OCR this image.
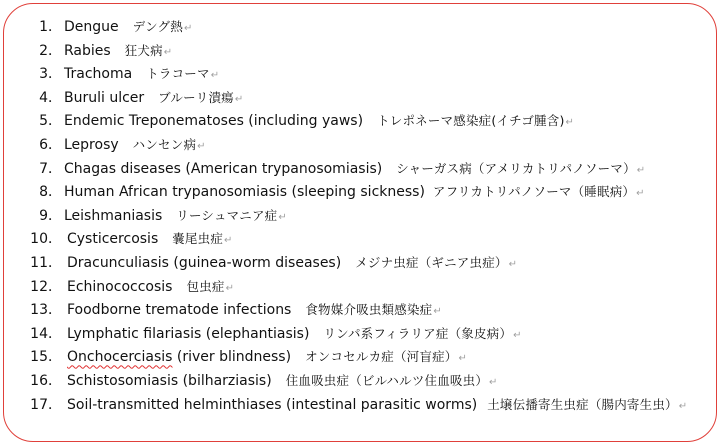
1． Dengue デング熱↵
2． Rabies 狂犬病↵
3． Trachoma トラコーマ↵
4． Buruli ulcer ブルーリ潰瘍↵
5． Endemic Treponematoses (including yaws) トレポネーマ感染症(イチゴ腫含)↵
6． Leprosy ハンセン病↵
7． Chagas diseases (American trypanosomiasis) シャーガス病（アメリカトリパノソーマ）↵
8． Human African trypanosomiasis (sleeping sickness) アフリカトリパノソーマ（睡眠病）↵
9． Leishmaniasis リーシュマニア症↵
10． Cysticercosis 嚢尾虫症↵
11． Dracunculiasis (guinea-worm diseases) メジナ虫症（ギニア虫症）↵
12． Echinococcosis 包虫症↵
13． Foodborne trematode infections 食物媒介吸虫類感染症↵
14． Lymphatic filariasis (elephantiasis) リンパ系フィラリア症（象皮病）↵
15． Onchocerciasis (river blindness) オンコセルカ症（河盲症）↵
16． Schistosomiasis (bilharziasis) 住血吸虫症（ビルハルツ住血吸虫）↵
17． Soil-transmitted helminthiases (intestinal parasitic worms) 土壌伝播寄生虫症（腸内寄生虫）↵
